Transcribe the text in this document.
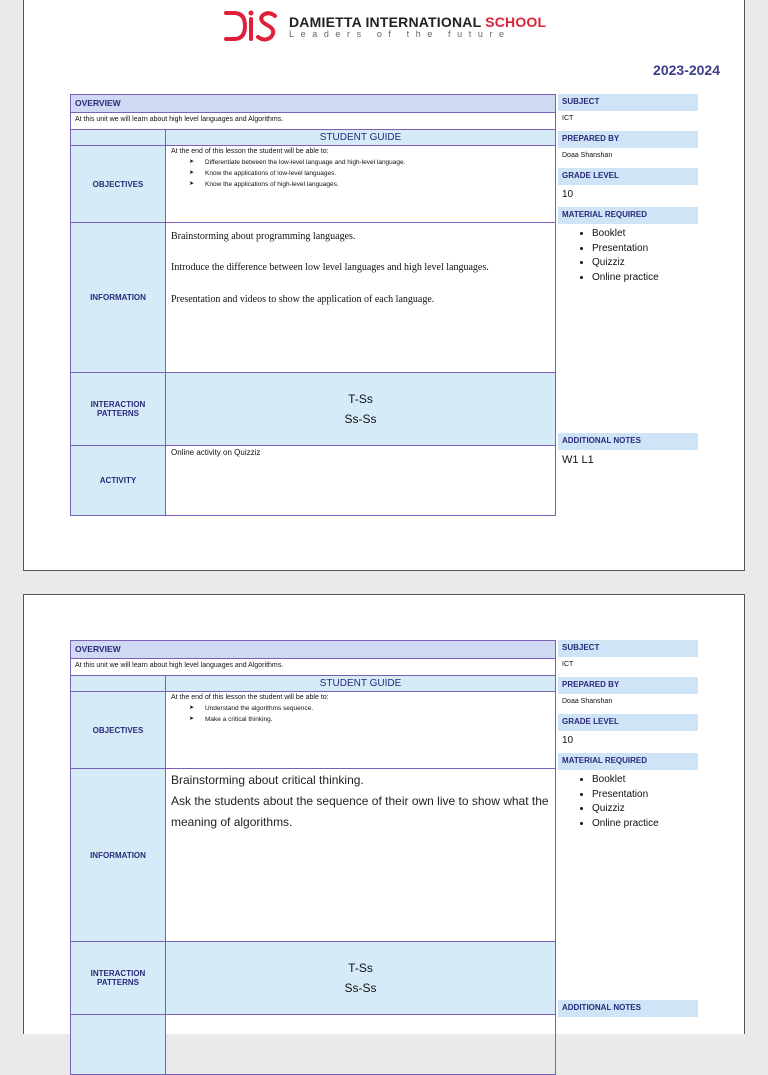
DAMIETTA INTERNATIONAL SCHOOL
Leaders of the future
2023-2024
OVERVIEW
At this unit we will learn about high level languages and Algorithms.
STUDENT GUIDE
OBJECTIVES
At the end of this lesson the student will be able to:
➤ Differentiate between the low-level language and high-level language.
➤ Know the applications of low-level languages.
➤ Know the applications of high-level languages.
INFORMATION

Brainstorming about programming languages.

Introduce the difference between low level languages and high level languages.

Presentation and videos to show the application of each language.

INTERACTION PATTERNS
T-Ss
Ss-Ss
ACTIVITY
Online activity on Quizziz
SUBJECT
ICT
PREPARED BY
Doaa Shanshan
GRADE LEVEL
10
MATERIAL REQUIRED
• Booklet
• Presentation
• Quizziz
• Online practice
ADDITIONAL NOTES
W1 L1
OVERVIEW
At this unit we will learn about high level languages and Algorithms.
STUDENT GUIDE
OBJECTIVES
At the end of this lesson the student will be able to:
➤ Understand the algorithms sequence.
➤ Make a critical thinking.
INFORMATION

Brainstorming about critical thinking.

Ask the students about the sequence of their own live to show what the meaning of algorithms.

INTERACTION PATTERNS
T-Ss
Ss-Ss
SUBJECT
ICT
PREPARED BY
Doaa Shanshan
GRADE LEVEL
10
MATERIAL REQUIRED
• Booklet
• Presentation
• Quizziz
• Online practice
ADDITIONAL NOTES
